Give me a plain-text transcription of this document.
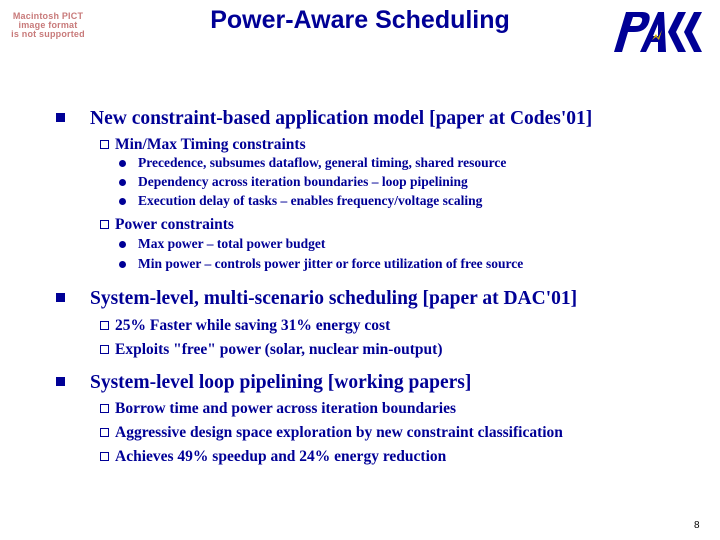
Power-Aware Scheduling
Macintosh PICT
image format
is not supported
New constraint-based application model [paper at Codes'01]
Min/Max Timing constraints
Precedence, subsumes dataflow, general timing, shared resource
Dependency across iteration boundaries – loop pipelining
Execution delay of tasks – enables frequency/voltage scaling
Power constraints
Max power – total power budget
Min power – controls power jitter or force utilization of free source
System-level, multi-scenario scheduling [paper at DAC'01]
25% Faster while saving 31% energy cost
Exploits "free" power (solar, nuclear min-output)
System-level loop pipelining [working papers]
Borrow time and power across iteration boundaries
Aggressive design space exploration by new constraint classification
Achieves 49% speedup and 24% energy reduction
8
